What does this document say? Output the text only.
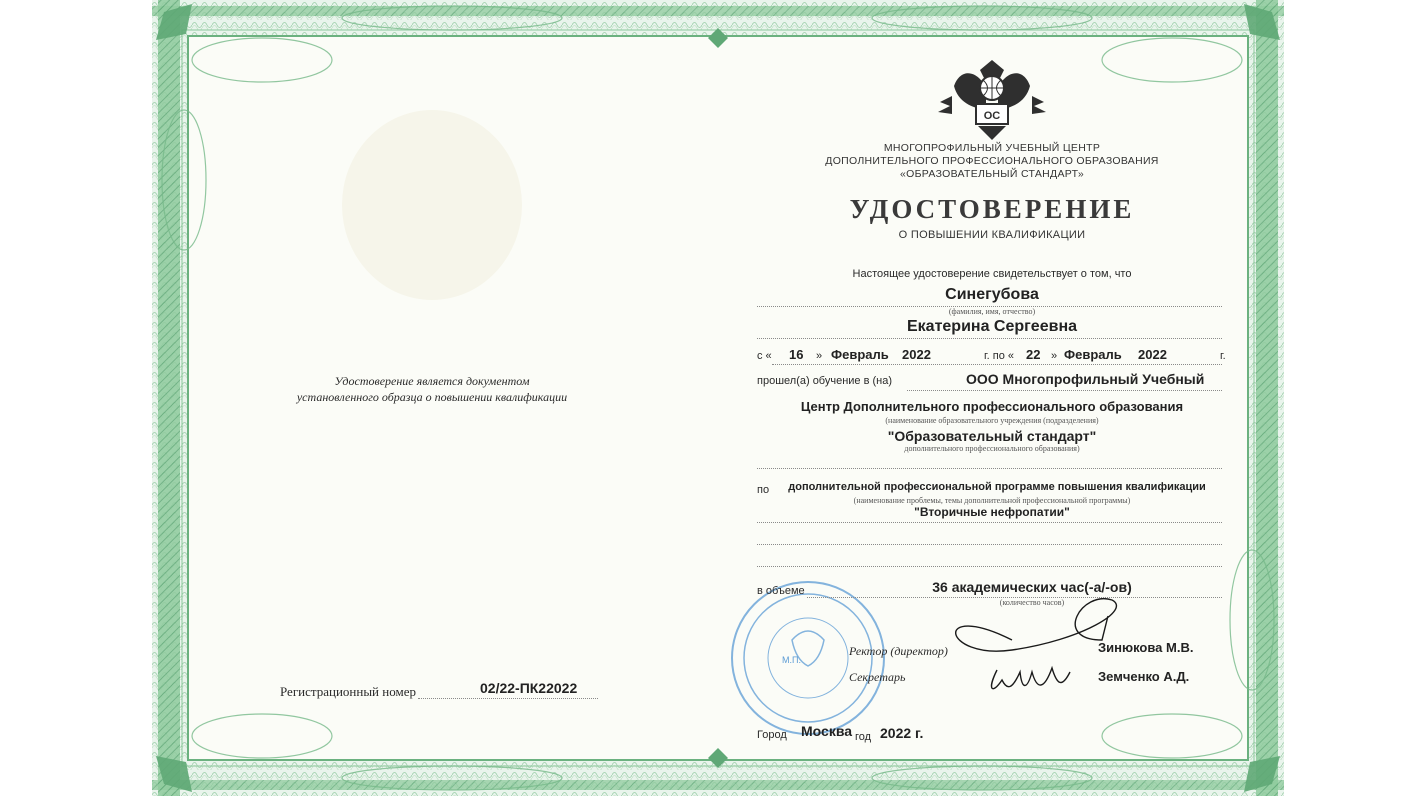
Удостоверение является документом
установленного образца о повышении квалификации
Регистрационный номер	02/22-ПК22022
ОС
МНОГОПРОФИЛЬНЫЙ УЧЕБНЫЙ ЦЕНТР
ДОПОЛНИТЕЛЬНОГО ПРОФЕССИОНАЛЬНОГО ОБРАЗОВАНИЯ
«ОБРАЗОВАТЕЛЬНЫЙ СТАНДАРТ»
УДОСТОВЕРЕНИЕ
О ПОВЫШЕНИИ КВАЛИФИКАЦИИ
Настоящее удостоверение свидетельствует о том, что
Синегубова
(фамилия, имя, отчество)
Екатерина Сергеевна
с « 16 » Февраль 2022	г. по « 22 » Февраль 2022	г.
прошел(а) обучение в (на)	ООО Многопрофильный Учебный
Центр Дополнительного профессионального образования
(наименование образовательного учреждения (подразделения)
"Образовательный стандарт"
дополнительного профессионального образования)
по	дополнительной профессиональной программе повышения квалификации
(наименование проблемы, темы дополнительной профессиональной программы)
"Вторичные нефропатии"
в объеме	36 академических час(-а/-ов)
(количество часов)
М.П.
Ректор (директор)	Зинюкова М.В.
Секретарь	Земченко А.Д.
Город Москва год 2022 г.
